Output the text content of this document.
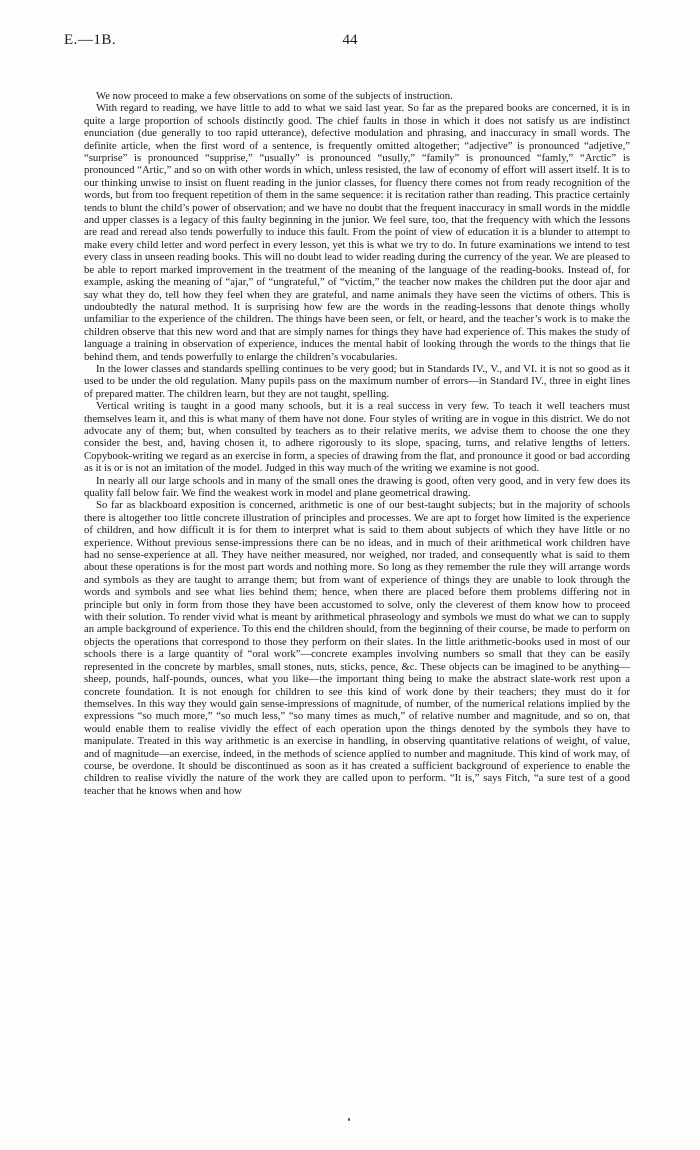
E.—1B.	44

We now proceed to make a few observations on some of the subjects of instruction.

With regard to reading, we have little to add to what we said last year. So far as the prepared books are concerned, it is in quite a large proportion of schools distinctly good. The chief faults in those in which it does not satisfy us are indistinct enunciation (due generally to too rapid utterance), defective modulation and phrasing, and inaccuracy in small words. The definite article, when the first word of a sentence, is frequently omitted altogether; “adjective” is pronounced “adjetive,” “surprise” is pronounced “supprise,” “usually” is pronounced “usully,” “family” is pronounced “famly,” “Arctic” is pronounced “Artic,” and so on with other words in which, unless resisted, the law of economy of effort will assert itself. It is to our thinking unwise to insist on fluent reading in the junior classes, for fluency there comes not from ready recognition of the words, but from too frequent repetition of them in the same sequence: it is recitation rather than reading. This practice certainly tends to blunt the child’s power of observation; and we have no doubt that the frequent inaccuracy in small words in the middle and upper classes is a legacy of this faulty beginning in the junior. We feel sure, too, that the frequency with which the lessons are read and reread also tends powerfully to induce this fault. From the point of view of education it is a blunder to attempt to make every child letter and word perfect in every lesson, yet this is what we try to do. In future examinations we intend to test every class in unseen reading books. This will no doubt lead to wider reading during the currency of the year. We are pleased to be able to report marked improvement in the treatment of the meaning of the language of the reading-books. Instead of, for example, asking the meaning of “ajar,” of “ungrateful,” of “victim,” the teacher now makes the children put the door ajar and say what they do, tell how they feel when they are grateful, and name animals they have seen the victims of others. This is undoubtedly the natural method. It is surprising how few are the words in the reading-lessons that denote things wholly unfamiliar to the experience of the children. The things have been seen, or felt, or heard, and the teacher’s work is to make the children observe that this new word and that are simply names for things they have had experience of. This makes the study of language a training in observation of experience, induces the mental habit of looking through the words to the things that lie behind them, and tends powerfully to enlarge the children’s vocabularies.

In the lower classes and standards spelling continues to be very good; but in Standards IV., V., and VI. it is not so good as it used to be under the old regulation. Many pupils pass on the maximum number of errors—in Standard IV., three in eight lines of prepared matter. The children learn, but they are not taught, spelling.

Vertical writing is taught in a good many schools, but it is a real success in very few. To teach it well teachers must themselves learn it, and this is what many of them have not done. Four styles of writing are in vogue in this district. We do not advocate any of them; but, when consulted by teachers as to their relative merits, we advise them to choose the one they consider the best, and, having chosen it, to adhere rigorously to its slope, spacing, turns, and relative lengths of letters. Copybook-writing we regard as an exercise in form, a species of drawing from the flat, and pronounce it good or bad according as it is or is not an imitation of the model. Judged in this way much of the writing we examine is not good.

In nearly all our large schools and in many of the small ones the drawing is good, often very good, and in very few does its quality fall below fair. We find the weakest work in model and plane geometrical drawing.

So far as blackboard exposition is concerned, arithmetic is one of our best-taught subjects; but in the majority of schools there is altogether too little concrete illustration of principles and processes. We are apt to forget how limited is the experience of children, and how difficult it is for them to interpret what is said to them about subjects of which they have little or no experience. Without previous sense-impressions there can be no ideas, and in much of their arithmetical work children have had no sense-experience at all. They have neither measured, nor weighed, nor traded, and consequently what is said to them about these operations is for the most part words and nothing more. So long as they remember the rule they will arrange words and symbols as they are taught to arrange them; but from want of experience of things they are unable to look through the words and symbols and see what lies behind them; hence, when there are placed before them problems differing not in principle but only in form from those they have been accustomed to solve, only the cleverest of them know how to proceed with their solution. To render vivid what is meant by arithmetical phraseology and symbols we must do what we can to supply an ample background of experience. To this end the children should, from the beginning of their course, be made to perform on objects the operations that correspond to those they perform on their slates. In the little arithmetic-books used in most of our schools there is a large quantity of “oral work”—concrete examples involving numbers so small that they can be easily represented in the concrete by marbles, small stones, nuts, sticks, pence, &c. These objects can be imagined to be anything—sheep, pounds, half-pounds, ounces, what you like—the important thing being to make the abstract slate-work rest upon a concrete foundation. It is not enough for children to see this kind of work done by their teachers; they must do it for themselves. In this way they would gain sense-impressions of magnitude, of number, of the numerical relations implied by the expressions “so much more,” “so much less,” “so many times as much,” of relative number and magnitude, and so on, that would enable them to realise vividly the effect of each operation upon the things denoted by the symbols they have to manipulate. Treated in this way arithmetic is an exercise in handling, in observing quantitative relations of weight, of value, and of magnitude—an exercise, indeed, in the methods of science applied to number and magnitude. This kind of work may, of course, be overdone. It should be discontinued as soon as it has created a sufficient background of experience to enable the children to realise vividly the nature of the work they are called upon to perform. “It is,” says Fitch, “a sure test of a good teacher that he knows when and how
